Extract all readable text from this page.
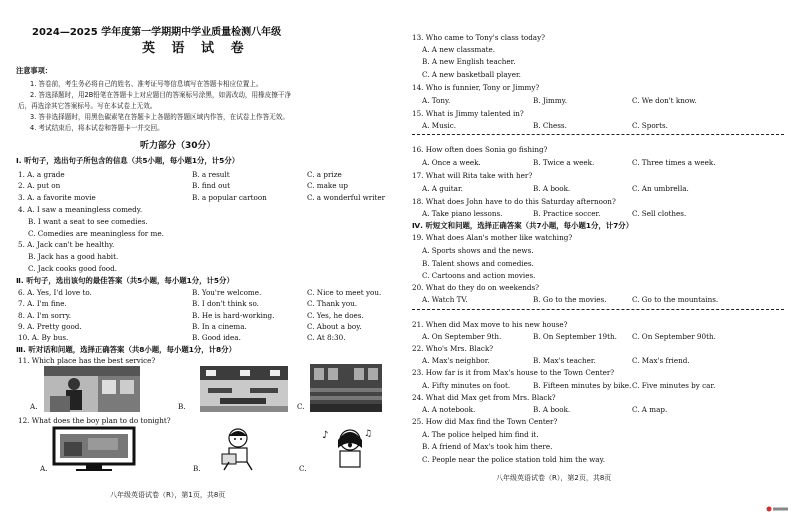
2024—2025 学年度第一学期期中学业质量检测八年级
英 语 试 卷
注意事项：
1. 答卷前，考生务必将自己的姓名、准考证号等信息填写在答题卡相应位置上。
2. 答选择题时，用2B铅笔在答题卡上对应题目的答案标号涂黑，如需改动，用橡皮擦干净
后，再选涂其它答案标号。写在本试卷上无效。
3. 答非选择题时，用黑色碳素笔在答题卡上各题的答题区域内作答，在试卷上作答无效。
4. 考试结束后，将本试卷和答题卡一并交回。
听力部分（30分）
Ⅰ. 听句子，选出句子所包含的信息（共5小题，每小题1分，计5分）
1. A. a grade	B. a result	C. a prize
2. A. put on	B. find out	C. make up
3. A. a favorite movie	B. a popular cartoon	C. a wonderful writer
4. A. I saw a meaningless comedy.
B. I want a seat to see comedies.
C. Comedies are meaningless for me.
5. A. Jack can't be healthy.
B. Jack has a good habit.
C. Jack cooks good food.
Ⅱ. 听句子，选出该句的最佳答案（共5小题，每小题1分，计5分）
6. A. Yes, I'd love to.	B. You're welcome.	C. Nice to meet you.
7. A. I'm fine.	B. I don't think so.	C. Thank you.
8. A. I'm sorry.	B. He is hard-working.	C. Yes, he does.
9. A. Pretty good.	B. In a cinema.	C. About a boy.
10. A. By bus.	B. Good idea.	C. At 8:30.
Ⅲ. 听对话和问题，选择正确答案（共8小题，每小题1分，计8分）
11. Which place has the best service?
A.	B.	C.
12. What does the boy plan to do tonight?
A.	B.	C.
♪	♫
八年级英语试卷（R），第1页，共8页
13. Who came to Tony's class today?
A. A new classmate.
B. A new English teacher.
C. A new basketball player.
14. Who is funnier, Tony or Jimmy?
A. Tony.	B. Jimmy.	C. We don't know.
15. What is Jimmy talented in?
A. Music.	B. Chess.	C. Sports.
16. How often does Sonia go fishing?
A. Once a week.	B. Twice a week.	C. Three times a week.
17. What will Rita take with her?
A. A guitar.	B. A book.	C. An umbrella.
18. What does John have to do this Saturday afternoon?
A. Take piano lessons.	B. Practice soccer.	C. Sell clothes.
Ⅳ. 听短文和问题，选择正确答案（共7小题，每小题1分，计7分）
19. What does Alan's mother like watching?
A. Sports shows and the news.
B. Talent shows and comedies.
C. Cartoons and action movies.
20. What do they do on weekends?
A. Watch TV.	B. Go to the movies.	C. Go to the mountains.
21. When did Max move to his new house?
A. On September 9th.	B. On September 19th. C. On September 90th.
22. Who's Mrs. Black?
A. Max's neighbor.	B. Max's teacher.	C. Max's friend.
23. How far is it from Max's house to the Town Center?
A. Fifty minutes on foot.	B. Fifteen minutes by bike. C. Five minutes by car.
24. What did Max get from Mrs. Black?
A. A notebook.	B. A book.	C. A map.
25. How did Max find the Town Center?
A. The police helped him find it.
B. A friend of Max's took him there.
C. People near the police station told him the way.
八年级英语试卷（R），第2页，共8页
